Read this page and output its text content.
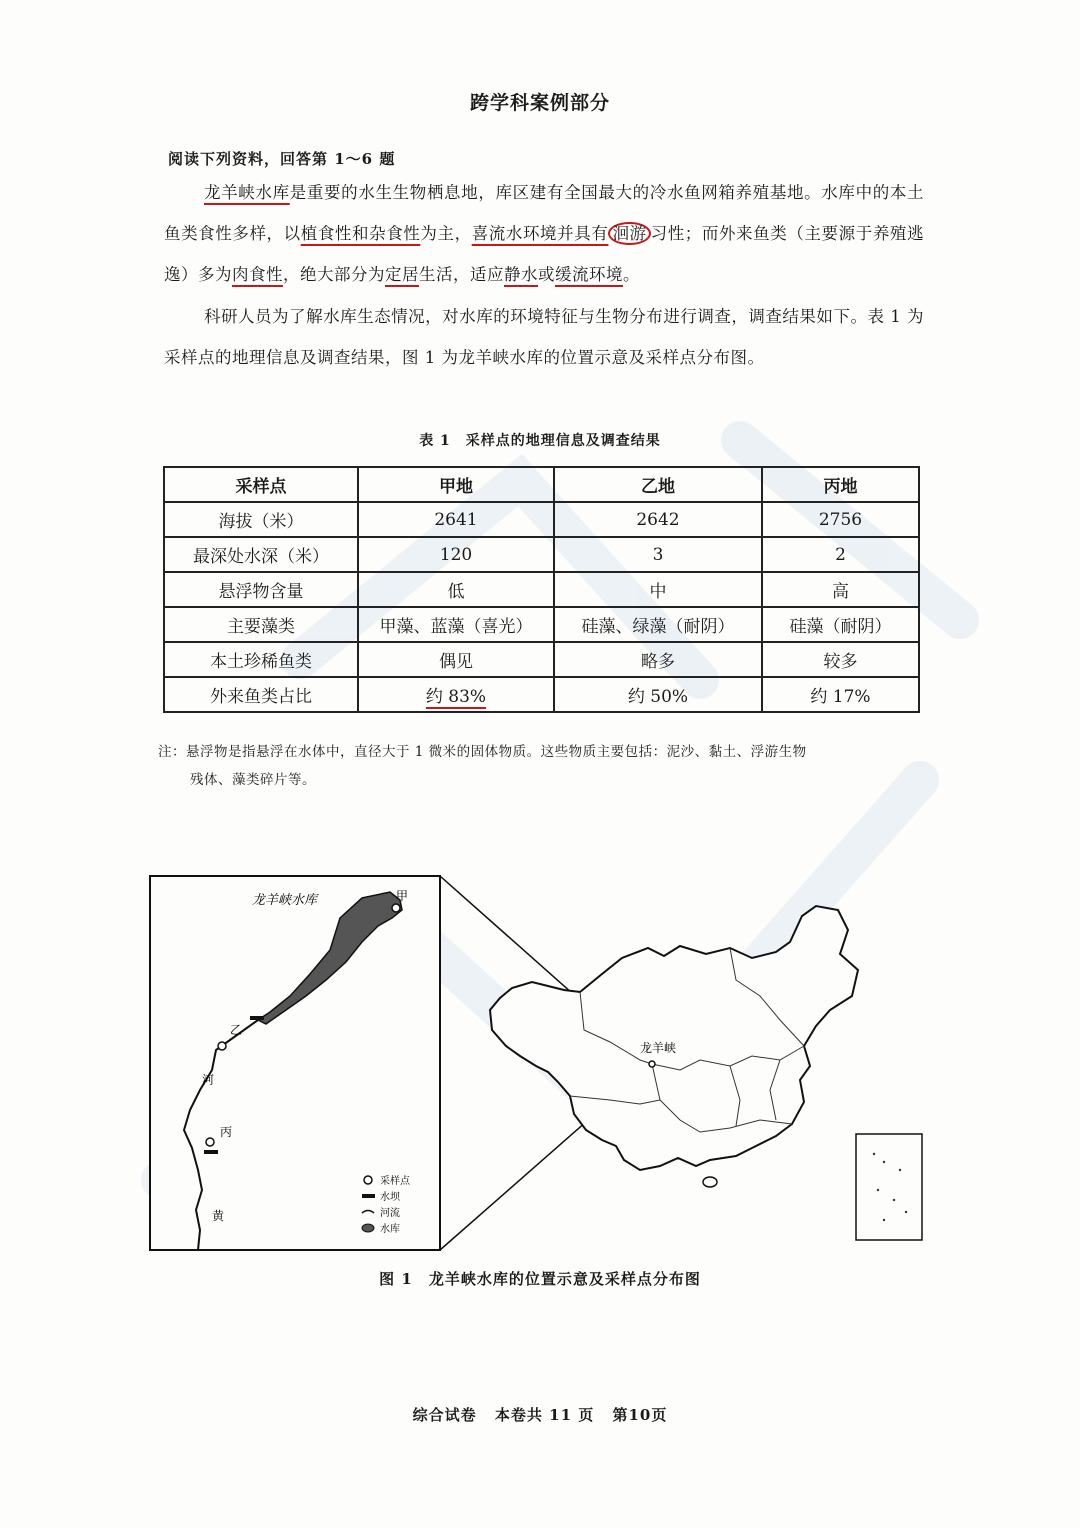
跨学科案例部分
阅读下列资料，回答第 1～6 题
龙羊峡水库是重要的水生生物栖息地，库区建有全国最大的冷水鱼网箱养殖基地。水库中的本土鱼类食性多样，以植食性和杂食性为主，喜流水环境并具有 洄游 习性；而外来鱼类（主要源于养殖逃逸）多为肉食性，绝大部分为定居生活，适应静水或缓流环境。
科研人员为了解水库生态情况，对水库的环境特征与生物分布进行调查，调查结果如下。表 1 为采样点的地理信息及调查结果，图 1 为龙羊峡水库的位置示意及采样点分布图。
表 1　采样点的地理信息及调查结果
采样点	甲地	乙地	丙地
海拔（米）	2641	2642	2756
最深处水深（米）	120	3	2
悬浮物含量	低	中	高
主要藻类	甲藻、蓝藻（喜光）	硅藻、绿藻（耐阴）	硅藻（耐阴）
本土珍稀鱼类	偶见	略多	较多
外来鱼类占比	约 83%	约 50%	约 17%
注：悬浮物是指悬浮在水体中，直径大于 1 微米的固体物质。这些物质主要包括：泥沙、黏土、浮游生物
残体、藻类碎片等。
龙羊峡水库	甲
乙
丙
河
黄
采样点
水坝
河流
水库
龙羊峡
图 1　龙羊峡水库的位置示意及采样点分布图
综合试卷 本卷共 11 页 第10页
